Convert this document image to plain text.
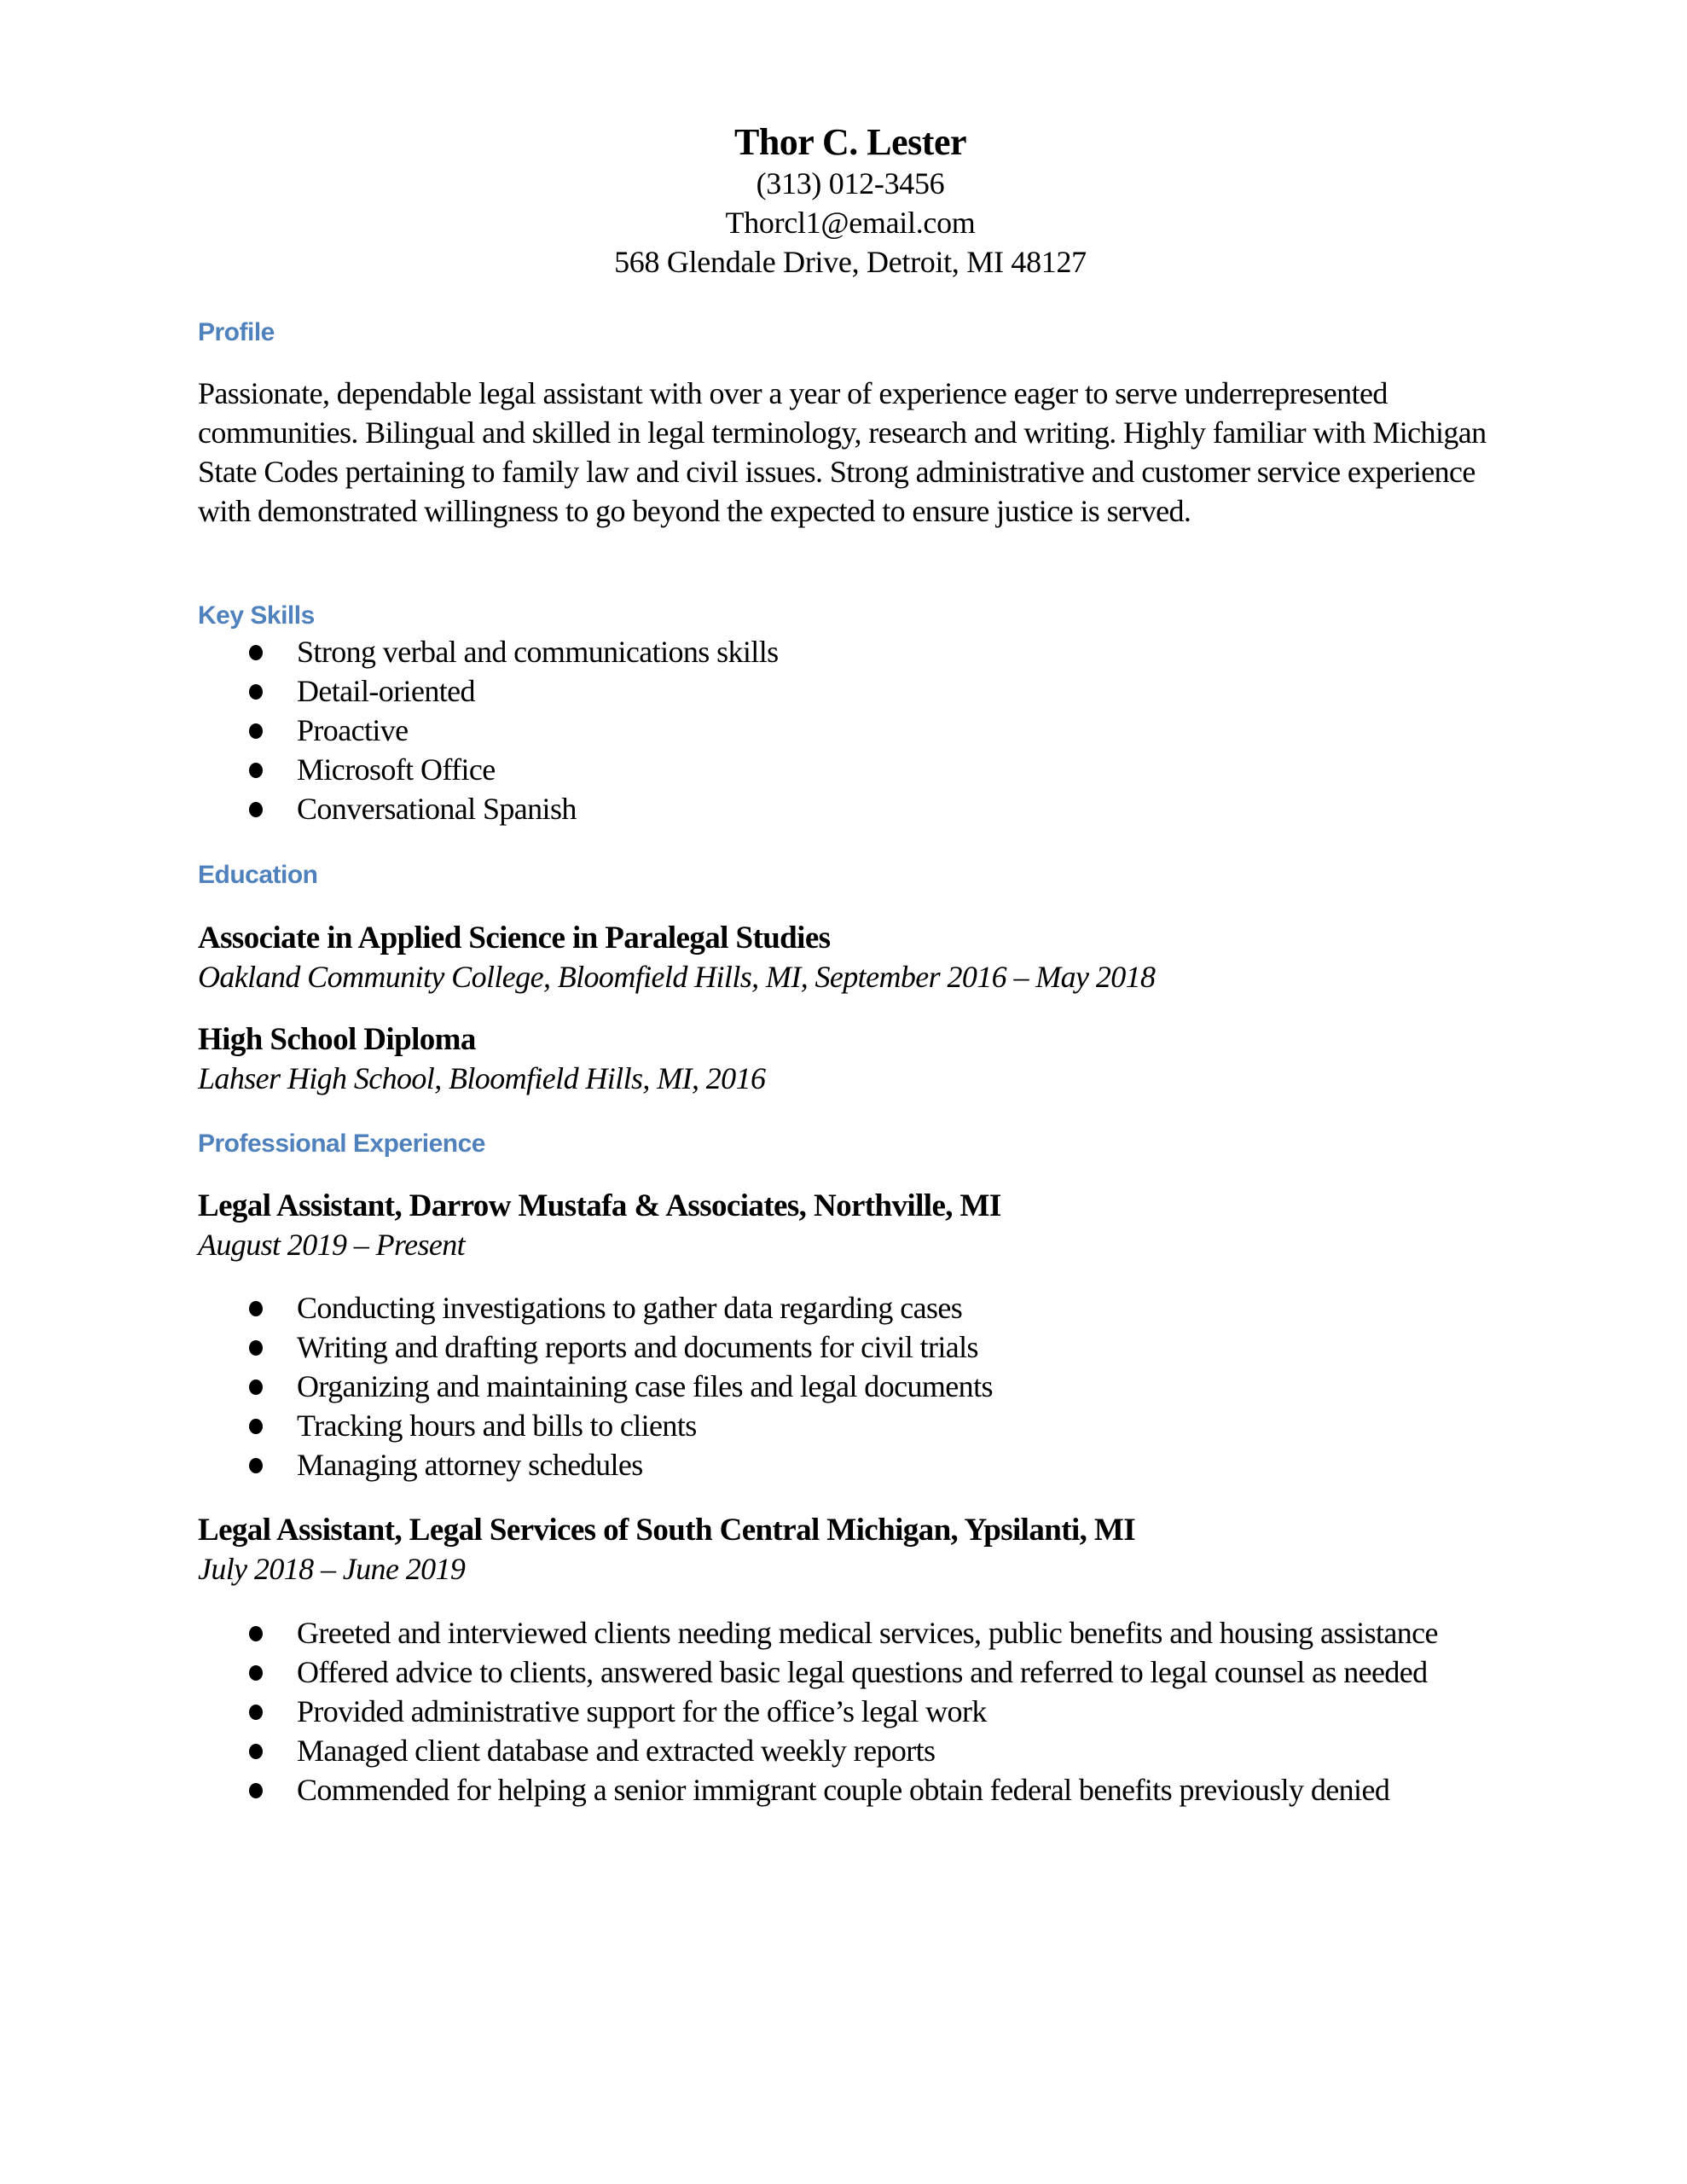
Thor C. Lester
(313) 012-3456
Thorcl1@email.com
568 Glendale Drive, Detroit, MI 48127
Profile
Passionate, dependable legal assistant with over a year of experience eager to serve underrepresented communities. Bilingual and skilled in legal terminology, research and writing. Highly familiar with Michigan State Codes pertaining to family law and civil issues. Strong administrative and customer service experience with demonstrated willingness to go beyond the expected to ensure justice is served.
Key Skills
Strong verbal and communications skills
Detail-oriented
Proactive
Microsoft Office
Conversational Spanish
Education
Associate in Applied Science in Paralegal Studies
Oakland Community College, Bloomfield Hills, MI, September 2016 – May 2018
High School Diploma
Lahser High School, Bloomfield Hills, MI, 2016
Professional Experience
Legal Assistant, Darrow Mustafa & Associates, Northville, MI
August 2019 – Present
Conducting investigations to gather data regarding cases
Writing and drafting reports and documents for civil trials
Organizing and maintaining case files and legal documents
Tracking hours and bills to clients
Managing attorney schedules
Legal Assistant, Legal Services of South Central Michigan, Ypsilanti, MI
July 2018 – June 2019
Greeted and interviewed clients needing medical services, public benefits and housing assistance
Offered advice to clients, answered basic legal questions and referred to legal counsel as needed
Provided administrative support for the office’s legal work
Managed client database and extracted weekly reports
Commended for helping a senior immigrant couple obtain federal benefits previously denied
